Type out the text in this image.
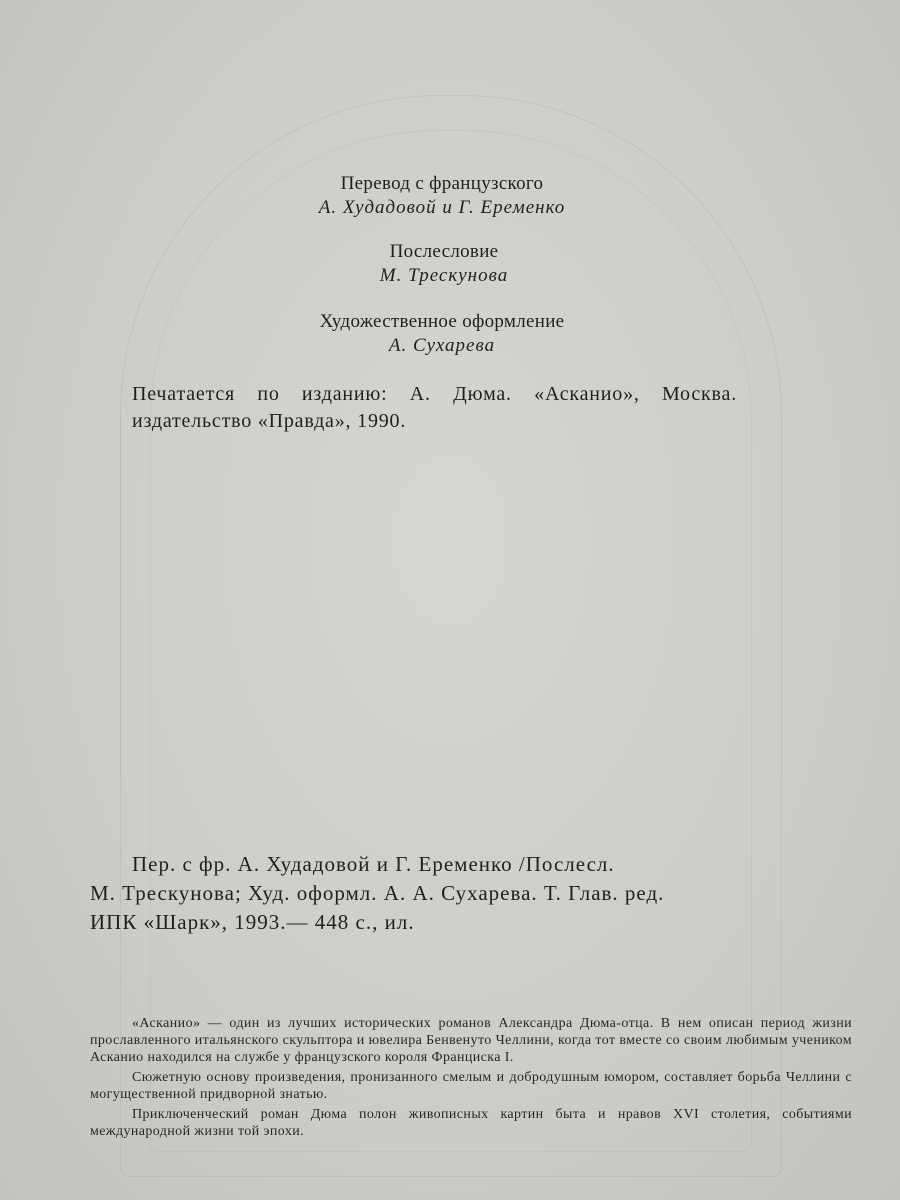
Перевод с французского
А. Худадовой и Г. Еременко
Послесловие
М. Трескунова
Художественное оформление
А. Сухарева
Печатается по изданию: А. Дюма. «Асканио», Москва. издательство «Правда», 1990.
Пер. с фр. А. Худадовой и Г. Еременко /Послесл.
М. Трескунова; Худ. оформл. А. А. Сухарева. Т. Глав. ред.
ИПК «Шарк», 1993.— 448 с., ил.

«Асканио» — один из лучших исторических романов Александра Дюма-отца. В нем описан период жизни прославленного итальянского скульптора и ювелира Бенвенуто Челлини, когда тот вместе со своим любимым учеником Асканио находился на службе у французского короля Франциска I.

Сюжетную основу произведения, пронизанного смелым и добродушным юмором, составляет борьба Челлини с могущественной придворной знатью.

Приключенческий роман Дюма полон живописных картин быта и нравов XVI столетия, событиями международной жизни той эпохи.
